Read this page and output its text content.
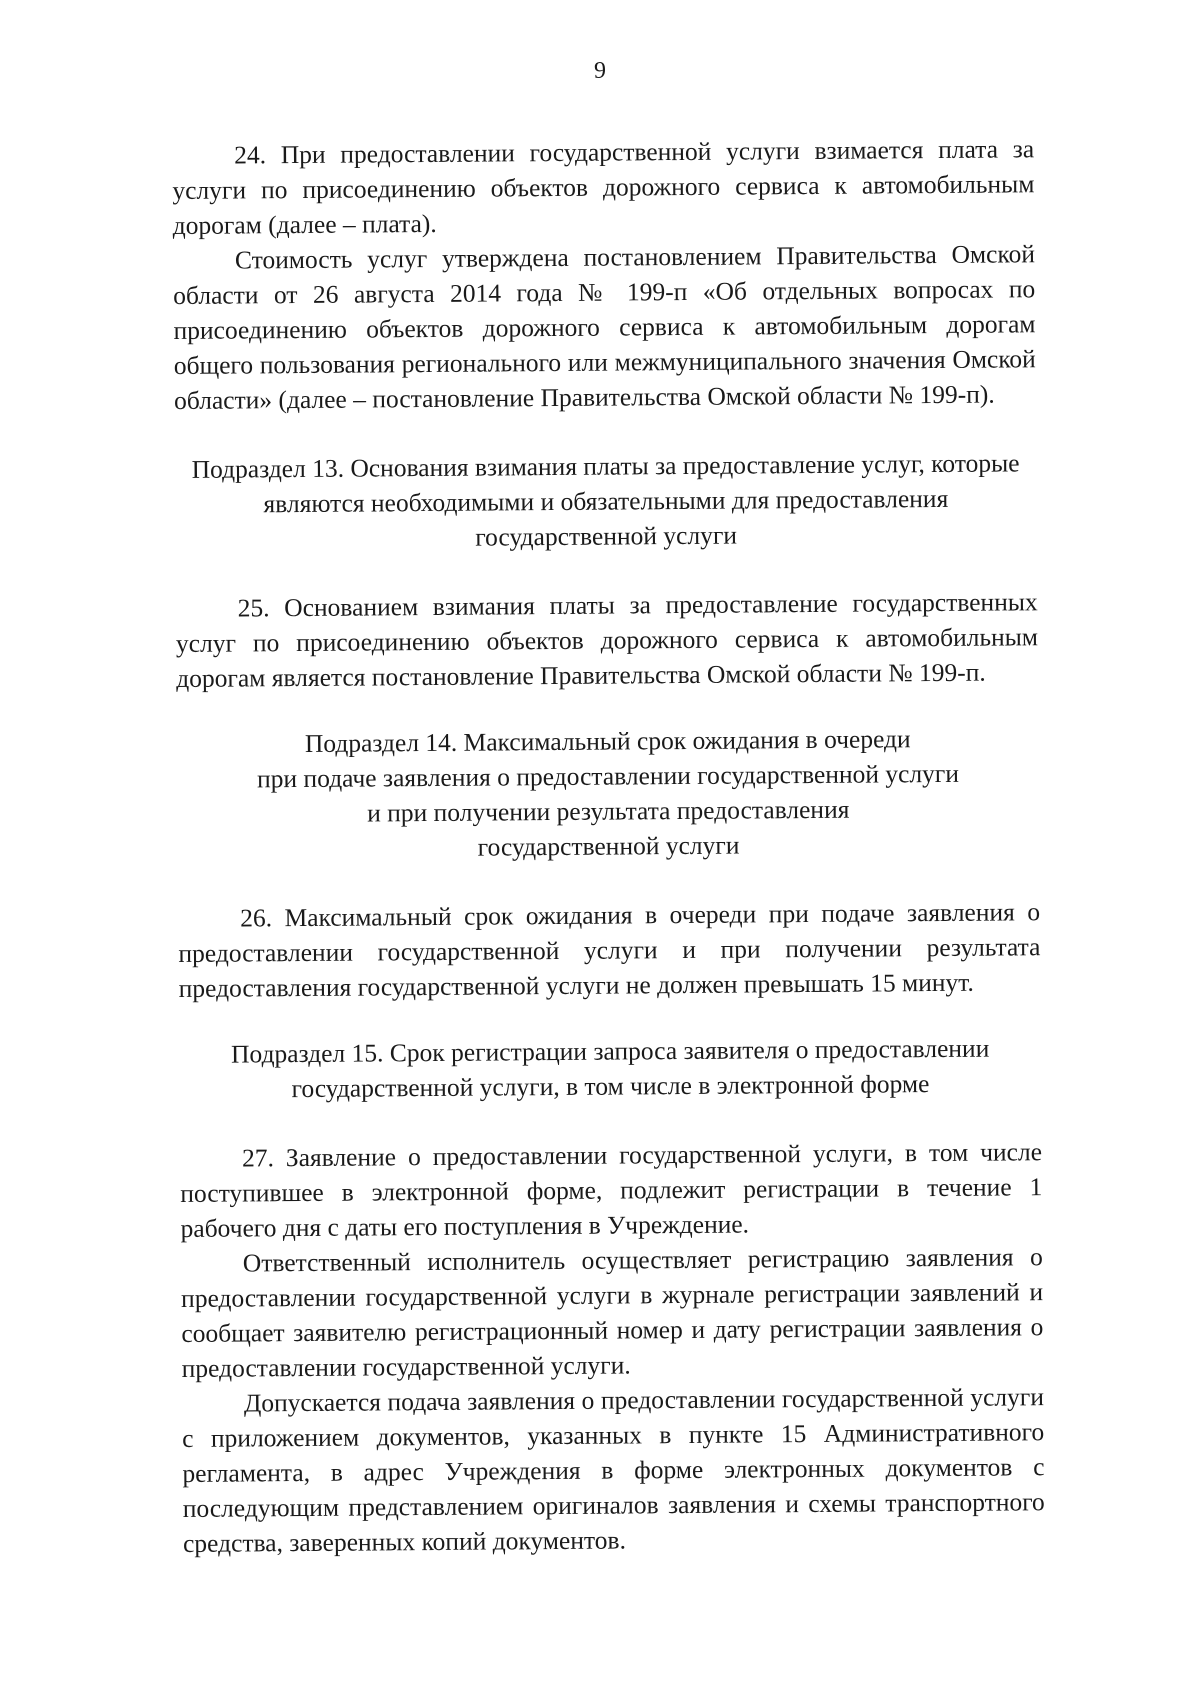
9

24. При предоставлении государственной услуги взимается плата за услуги по присоединению объектов дорожного сервиса к автомобильным дорогам (далее – плата).

Стоимость услуг утверждена постановлением Правительства Омской области от 26 августа 2014 года № 199-п «Об отдельных вопросах по присоединению объектов дорожного сервиса к автомобильным дорогам общего пользования регионального или межмуниципального значения Омской области» (далее – постановление Правительства Омской области № 199-п).

Подраздел 13. Основания взимания платы за предоставление услуг, которые
являются необходимыми и обязательными для предоставления
государственной услуги

25. Основанием взимания платы за предоставление государственных услуг по присоединению объектов дорожного сервиса к автомобильным дорогам является постановление Правительства Омской области № 199-п.

Подраздел 14. Максимальный срок ожидания в очереди
при подаче заявления о предоставлении государственной услуги
и при получении результата предоставления
государственной услуги

26. Максимальный срок ожидания в очереди при подаче заявления о предоставлении государственной услуги и при получении результата предоставления государственной услуги не должен превышать 15 минут.

Подраздел 15. Срок регистрации запроса заявителя о предоставлении
государственной услуги, в том числе в электронной форме

27. Заявление о предоставлении государственной услуги, в том числе поступившее в электронной форме, подлежит регистрации в течение 1 рабочего дня с даты его поступления в Учреждение.

Ответственный исполнитель осуществляет регистрацию заявления о предоставлении государственной услуги в журнале регистрации заявлений и сообщает заявителю регистрационный номер и дату регистрации заявления о предоставлении государственной услуги.

Допускается подача заявления о предоставлении государственной услуги с приложением документов, указанных в пункте 15 Административного регламента, в адрес Учреждения в форме электронных документов с последующим представлением оригиналов заявления и схемы транспортного средства, заверенных копий документов.
